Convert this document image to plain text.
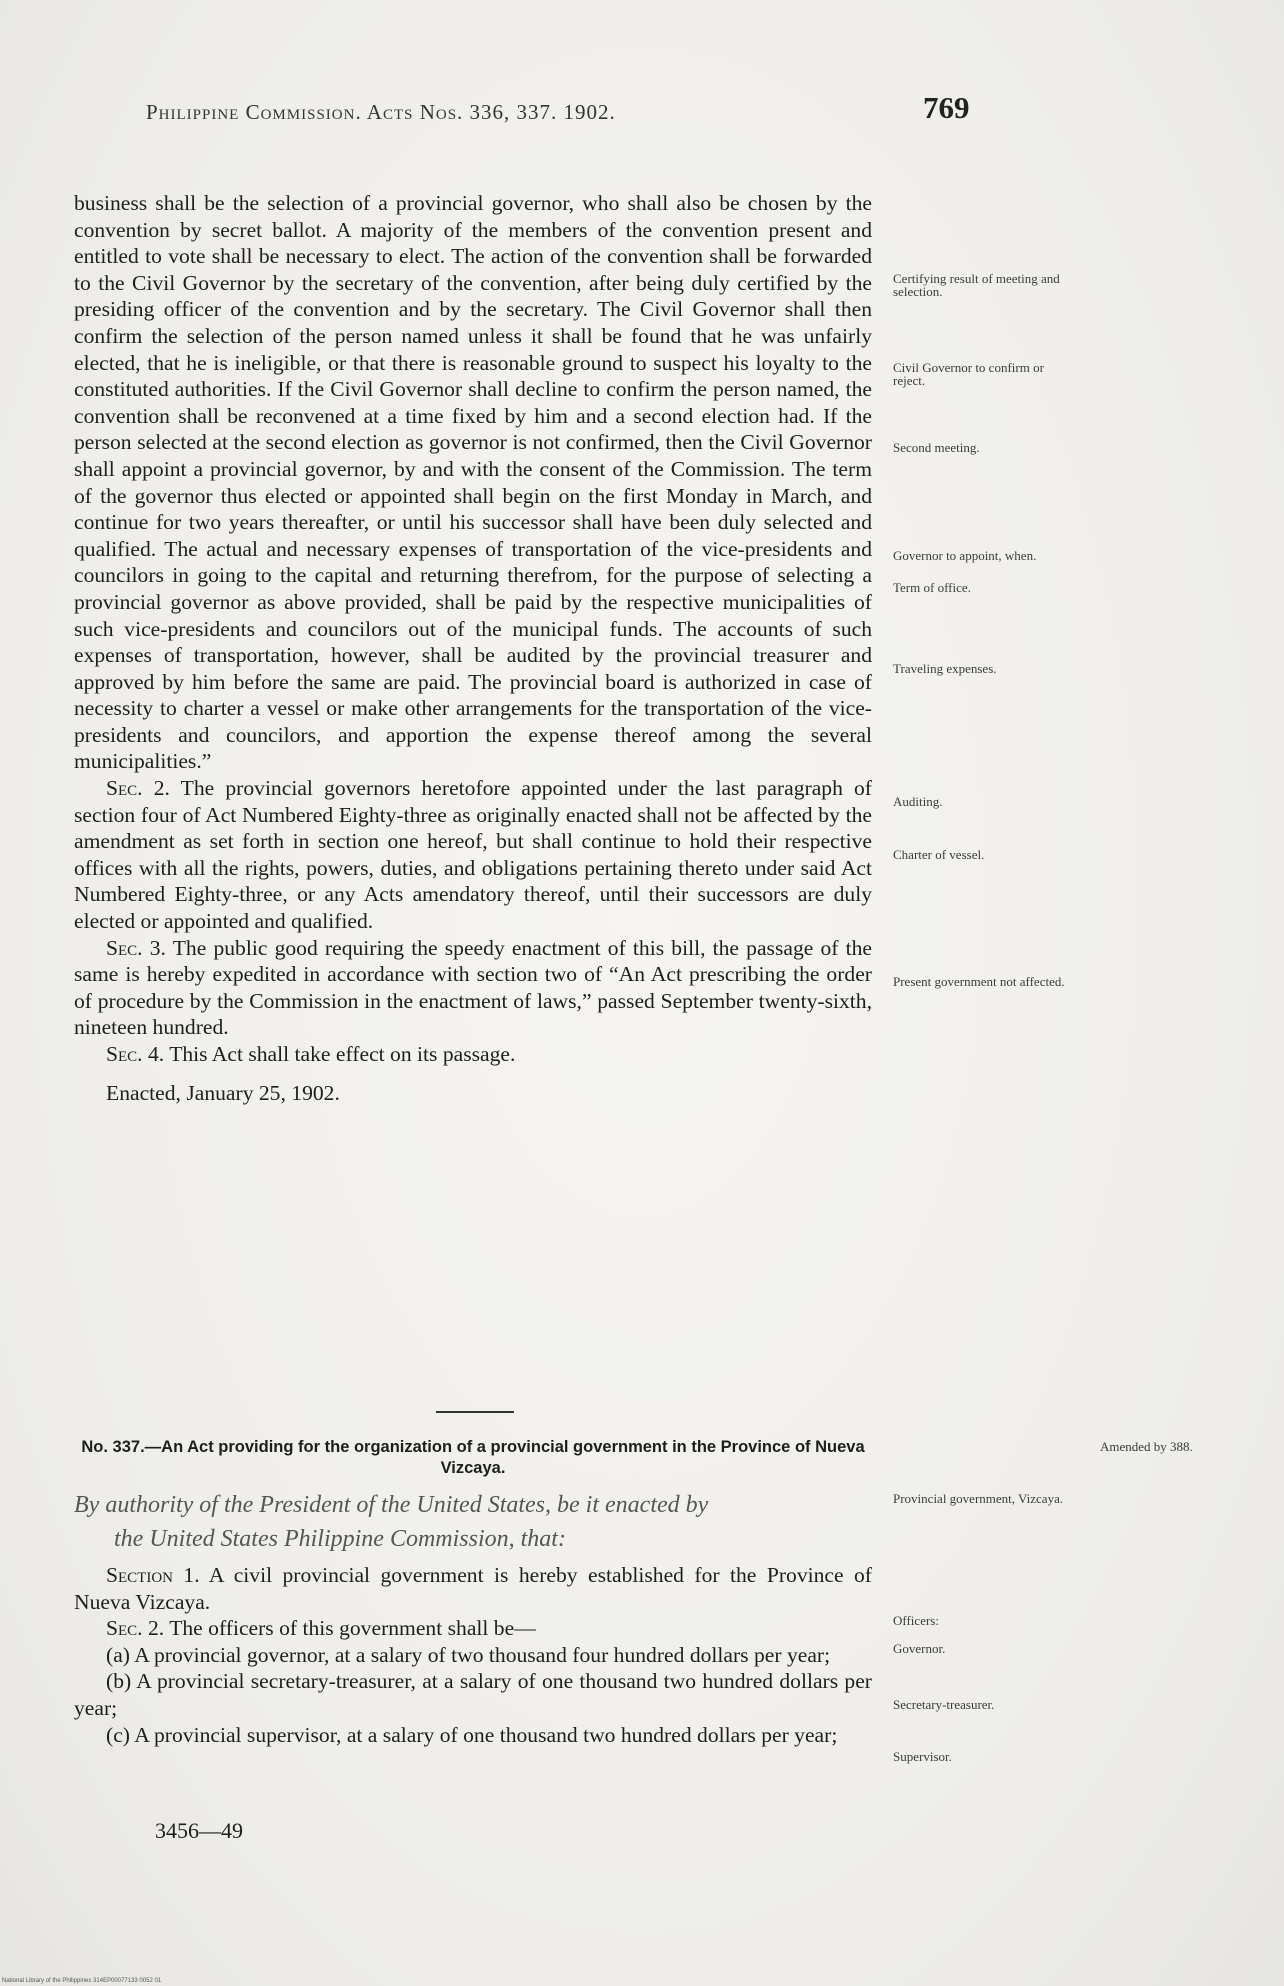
Philippine Commission. Acts Nos. 336, 337. 1902.	769

business shall be the selection of a provincial governor, who shall also be chosen by the convention by secret ballot. A majority of the members of the convention present and entitled to vote shall be necessary to elect. The action of the convention shall be forwarded to the Civil Governor by the secretary of the convention, after being duly certified by the presiding officer of the convention and by the secretary. The Civil Governor shall then confirm the selection of the person named unless it shall be found that he was unfairly elected, that he is ineligible, or that there is reasonable ground to suspect his loyalty to the constituted authorities. If the Civil Governor shall decline to confirm the person named, the convention shall be reconvened at a time fixed by him and a second election had. If the person selected at the second election as governor is not confirmed, then the Civil Governor shall appoint a provincial governor, by and with the consent of the Commission. The term of the governor thus elected or appointed shall begin on the first Monday in March, and continue for two years thereafter, or until his successor shall have been duly selected and qualified. The actual and necessary expenses of transportation of the vice-presidents and councilors in going to the capital and returning therefrom, for the purpose of selecting a provincial governor as above provided, shall be paid by the respective municipalities of such vice-presidents and councilors out of the municipal funds. The accounts of such expenses of transportation, however, shall be audited by the provincial treasurer and approved by him before the same are paid. The provincial board is authorized in case of necessity to charter a vessel or make other arrangements for the transportation of the vice-presidents and councilors, and apportion the expense thereof among the several municipalities.”

Sec. 2. The provincial governors heretofore appointed under the last paragraph of section four of Act Numbered Eighty-three as originally enacted shall not be affected by the amendment as set forth in section one hereof, but shall continue to hold their respective offices with all the rights, powers, duties, and obligations pertaining thereto under said Act Numbered Eighty-three, or any Acts amendatory thereof, until their successors are duly elected or appointed and qualified.

Sec. 3. The public good requiring the speedy enactment of this bill, the passage of the same is hereby expedited in accordance with section two of “An Act prescribing the order of procedure by the Commission in the enactment of laws,” passed September twenty-sixth, nineteen hundred.

Sec. 4. This Act shall take effect on its passage.

Enacted, January 25, 1902.

No. 337.—An Act providing for the organization of a provincial government in the Province of Nueva Vizcaya.
By authority of the President of the United States, be it enacted by
the United States Philippine Commission, that:

Section 1. A civil provincial government is hereby established for the Province of Nueva Vizcaya.

Sec. 2. The officers of this government shall be—

(a) A provincial governor, at a salary of two thousand four hundred dollars per year;

(b) A provincial secretary-treasurer, at a salary of one thousand two hundred dollars per year;

(c) A provincial supervisor, at a salary of one thousand two hundred dollars per year;

3456—49
Certifying result of meeting and selection.
Civil Governor to confirm or reject.
Second meeting.
Governor to appoint, when.
Term of office.
Traveling expenses.
Auditing.
Charter of vessel.
Present government not affected.
Amended by 388.
Provincial government, Vizcaya.
Officers:
Governor.
Secretary-treasurer.
Supervisor.
National Library of the Philippines 314EP00077133 0052 01
